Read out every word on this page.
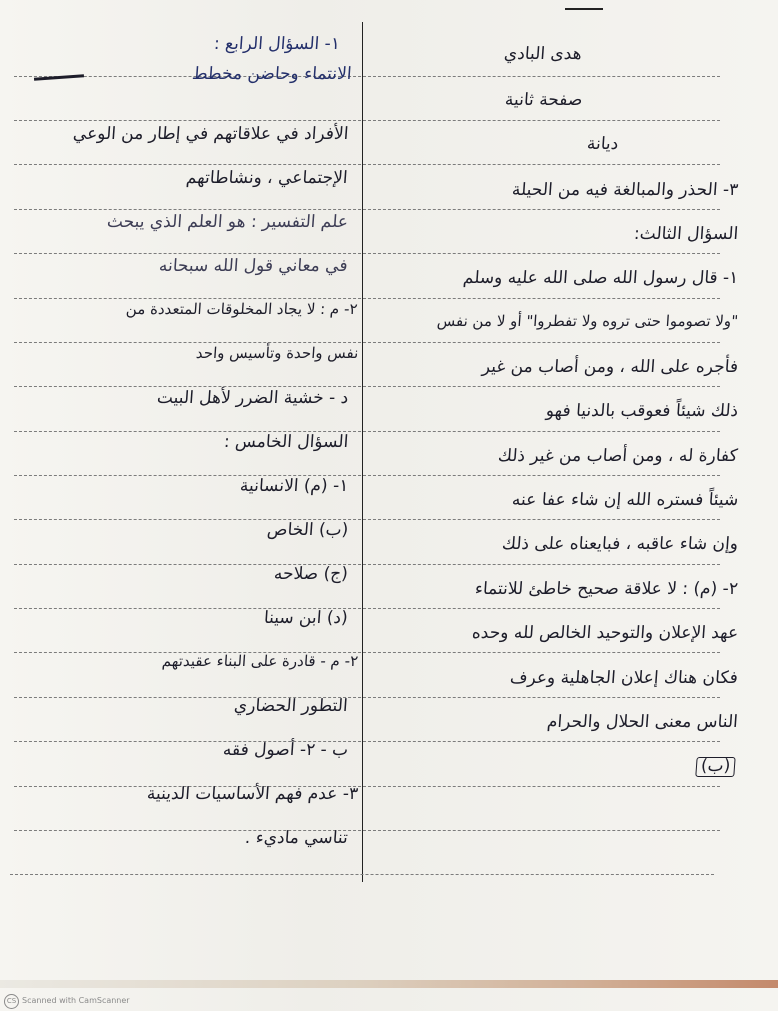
هدى البادي
صفحة ثانية
ديانة
٣- الحذر والمبالغة فيه من الحيلة
السؤال الثالث:
١- قال رسول الله صلى الله عليه وسلم
"ولا تصوموا حتى تروه ولا تفطروا" أو لا من نفس
فأجره على الله ، ومن أصاب من غير
ذلك شيئاً فعوقب بالدنيا فهو
كفارة له ، ومن أصاب من غير ذلك
شيئاً فستره الله إن شاء عفا عنه
وإن شاء عاقبه ، فبايعناه على ذلك
٢- (م) : لا علاقة صحيح خاطئ للانتماء
عهد الإعلان والتوحيد الخالص لله وحده
فكان هناك إعلان الجاهلية وعرف
الناس معنى الحلال والحرام
(ب)
١- السؤال الرابع :
الانتماء وحاضن مخطط
الأفراد في علاقاتهم في إطار من الوعي
الإجتماعي ، ونشاطاتهم
علم التفسير : هو العلم الذي يبحث
في معاني قول الله سبحانه
٢- م : لا يجاد المخلوقات المتعددة من
نفس واحدة وتأسيس واحد
د - خشية الضرر لأهل البيت
السؤال الخامس :
١- (م) الانسانية
(ب) الخاص
(ج) صلاحه
(د) ابن سينا
٢- م - قادرة على البناء عقيدتهم
التطور الحضاري
ب - ٢- أصول فقه
٣- عدم فهم الأساسيات الدينية
تناسي ماديء .
CS Scanned with CamScanner
